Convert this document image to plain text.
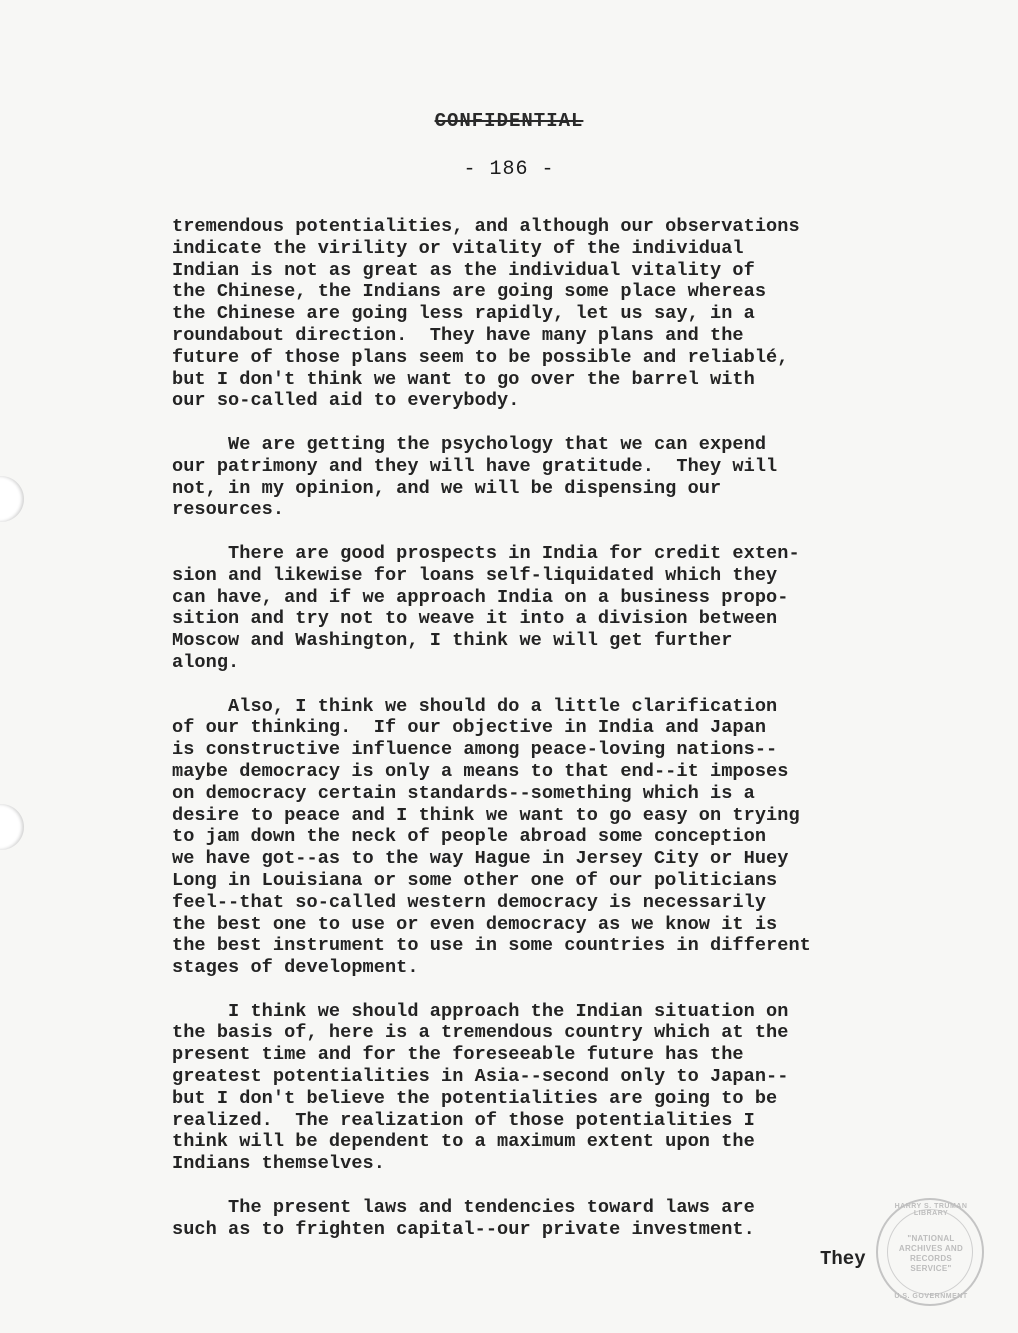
CONFIDENTIAL
- 186 -
tremendous potentialities, and although our observations
indicate the virility or vitality of the individual
Indian is not as great as the individual vitality of
the Chinese, the Indians are going some place whereas
the Chinese are going less rapidly, let us say, in a
roundabout direction.  They have many plans and the
future of those plans seem to be possible and reliablé,
but I don't think we want to go over the barrel with
our so-called aid to everybody.
We are getting the psychology that we can expend
our patrimony and they will have gratitude.  They will
not, in my opinion, and we will be dispensing our
resources.
There are good prospects in India for credit exten-
sion and likewise for loans self-liquidated which they
can have, and if we approach India on a business propo-
sition and try not to weave it into a division between
Moscow and Washington, I think we will get further
along.
Also, I think we should do a little clarification
of our thinking.  If our objective in India and Japan
is constructive influence among peace-loving nations--
maybe democracy is only a means to that end--it imposes
on democracy certain standards--something which is a
desire to peace and I think we want to go easy on trying
to jam down the neck of people abroad some conception
we have got--as to the way Hague in Jersey City or Huey
Long in Louisiana or some other one of our politicians
feel--that so-called western democracy is necessarily
the best one to use or even democracy as we know it is
the best instrument to use in some countries in different
stages of development.
I think we should approach the Indian situation on
the basis of, here is a tremendous country which at the
present time and for the foreseeable future has the
greatest potentialities in Asia--second only to Japan--
but I don't believe the potentialities are going to be
realized.  The realization of those potentialities I
think will be dependent to a maximum extent upon the
Indians themselves.
The present laws and tendencies toward laws are
such as to frighten capital--our private investment.
They
HARRY S. TRUMAN LIBRARY
"NATIONAL
ARCHIVES AND
RECORDS
SERVICE"
U.S. GOVERNMENT
